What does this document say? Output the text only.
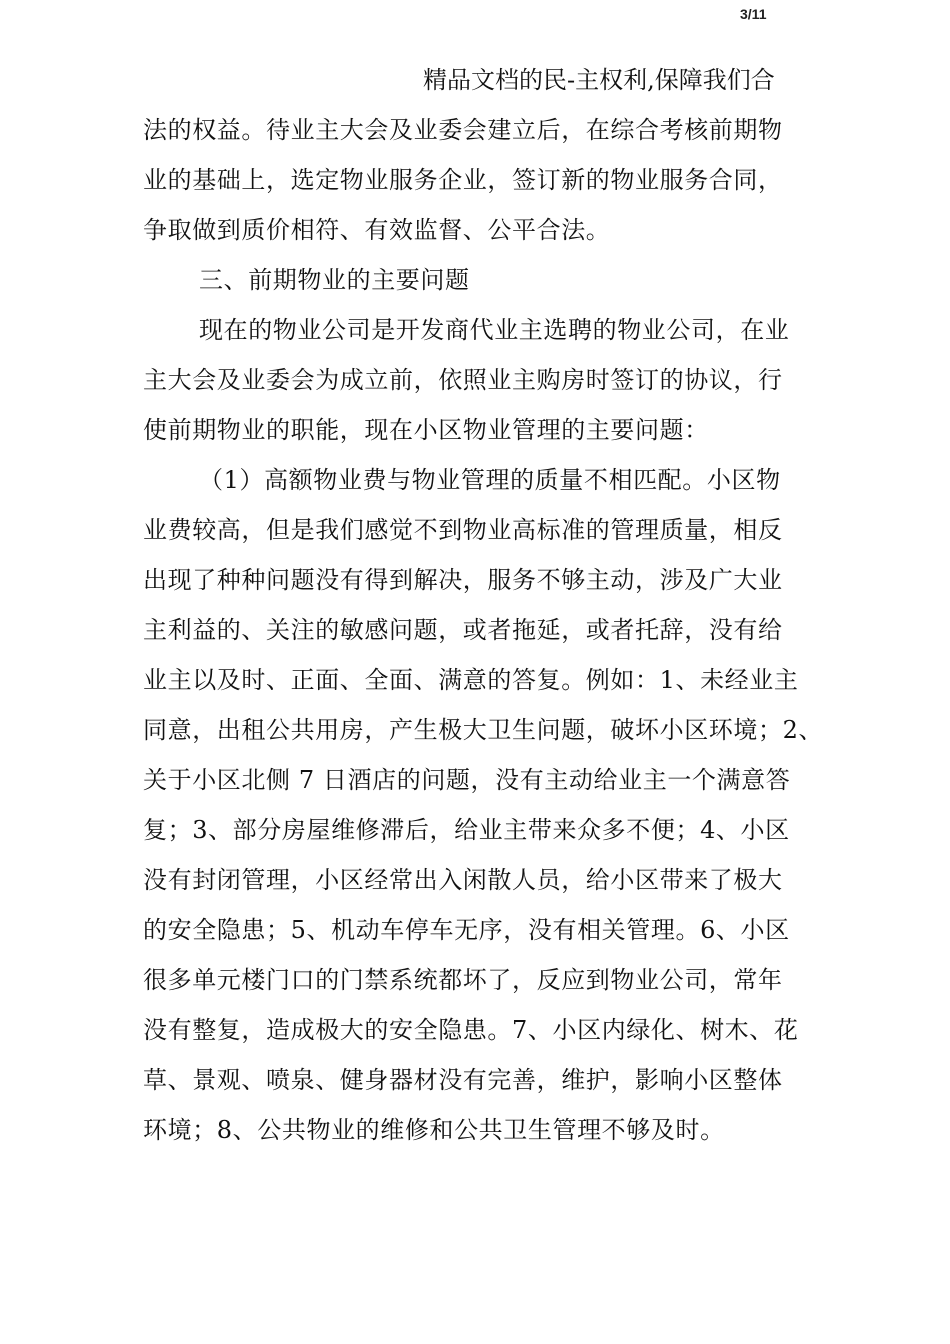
3/11
精品文档的民-主权利,保障我们合
法的权益。待业主大会及业委会建立后，在综合考核前期物
业的基础上，选定物业服务企业，签订新的物业服务合同，
争取做到质价相符、有效监督、公平合法。
三、前期物业的主要问题
现在的物业公司是开发商代业主选聘的物业公司，在业
主大会及业委会为成立前，依照业主购房时签订的协议，行
使前期物业的职能，现在小区物业管理的主要问题：
（1）高额物业费与物业管理的质量不相匹配。小区物
业费较高，但是我们感觉不到物业高标准的管理质量，相反
出现了种种问题没有得到解决，服务不够主动，涉及广大业
主利益的、关注的敏感问题，或者拖延，或者托辞，没有给
业主以及时、正面、全面、满意的答复。例如：1、未经业主
同意，出租公共用房，产生极大卫生问题，破坏小区环境；2、
关于小区北侧 7 日酒店的问题，没有主动给业主一个满意答
复；3、部分房屋维修滞后，给业主带来众多不便；4、小区
没有封闭管理，小区经常出入闲散人员，给小区带来了极大
的安全隐患；5、机动车停车无序，没有相关管理。6、小区
很多单元楼门口的门禁系统都坏了，反应到物业公司，常年
没有整复，造成极大的安全隐患。7、小区内绿化、树木、花
草、景观、喷泉、健身器材没有完善，维护，影响小区整体
环境；8、公共物业的维修和公共卫生管理不够及时。
